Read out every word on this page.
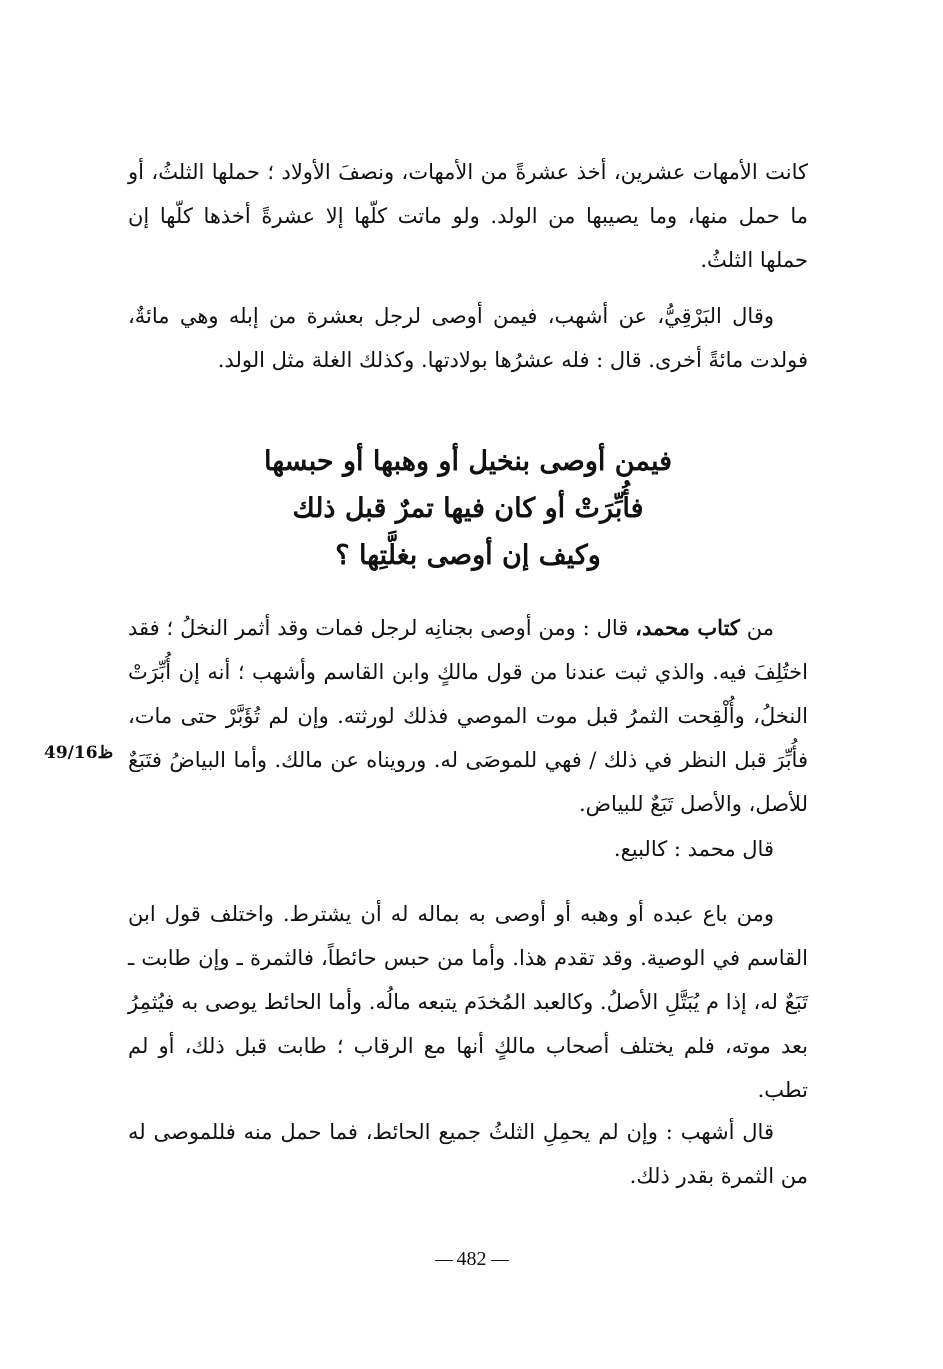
كانت الأمهات عشرين، أخذ عشرةً من الأمهات، ونصفَ الأولاد ؛ حملها الثلثُ، أو ما حمل منها، وما يصيبها من الولد. ولو ماتت كلّها إلا عشرةً أخذها كلّها إن حملها الثلثُ.

وقال البَرْقِيُّ، عن أشهب، فيمن أوصى لرجل بعشرة من إبله وهي مائةٌ، فولدت مائةً أخرى. قال : فله عشرُها بولادتها. وكذلك الغلة مثل الولد.

فيمن أوصى بنخيل أو وهبها أو حبسها
فأُبِّرَتْ أو كان فيها تمرٌ قبل ذلك
وكيف إن أوصى بغلَّتِها ؟

من كتاب محمد، قال : ومن أوصى بجنانِه لرجل فمات وقد أثمر النخلُ ؛ فقد اختُلِفَ فيه. والذي ثبت عندنا من قول مالكٍ وابن القاسم وأشهب ؛ أنه إن أُبِّرَتْ النخلُ، وأُلْقِحت الثمرُ قبل موت الموصي فذلك لورثته. وإن لم تُؤَبَّرْ حتى مات، فأُبِّرَ قبل النظر في ذلك / فهي للموصَى له. ورويناه عن مالك. وأما البياضُ فتَبَعٌ للأصل، والأصل تَبَعٌ للبياض.

ظ49/16

قال محمد : كالبيع.

ومن باع عبده أو وهبه أو أوصى به بماله له أن يشترط. واختلف قول ابن القاسم في الوصية. وقد تقدم هذا. وأما من حبس حائطاً، فالثمرة ـ وإن طابت ـ تَبَعٌ له، إذا م يُبَتَّلِ الأصلُ. وكالعبد المُخدَم يتبعه مالُه. وأما الحائط يوصى به فيُثمِرُ بعد موته، فلم يختلف أصحاب مالكٍ أنها مع الرقاب ؛ طابت قبل ذلك، أو لم تطب.

قال أشهب : وإن لم يحمِلِ الثلثُ جميع الحائط، فما حمل منه فللموصى له من الثمرة بقدر ذلك.

482
